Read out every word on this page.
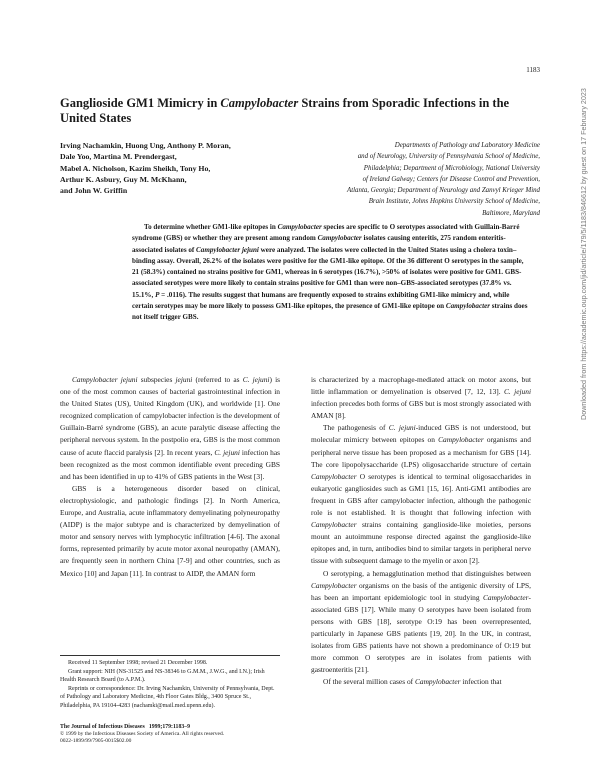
1183
Ganglioside GM1 Mimicry in Campylobacter Strains from Sporadic Infections in the United States
Irving Nachamkin, Huong Ung, Anthony P. Moran,
Dale Yoo, Martina M. Prendergast,
Mabel A. Nicholson, Kazim Sheikh, Tony Ho,
Arthur K. Asbury, Guy M. McKhann,
and John W. Griffin
Departments of Pathology and Laboratory Medicine
and of Neurology, University of Pennsylvania School of Medicine,
Philadelphia; Department of Microbiology, National University
of Ireland Galway; Centers for Disease Control and Prevention,
Atlanta, Georgia; Department of Neurology and Zanvyl Krieger Mind
Brain Institute, Johns Hopkins University School of Medicine,
Baltimore, Maryland

To determine whether GM1-like epitopes in Campylobacter species are specific to O serotypes associated with Guillain-Barré syndrome (GBS) or whether they are present among random Campylobacter isolates causing enteritis, 275 random enteritis-associated isolates of Campylobacter jejuni were analyzed. The isolates were collected in the United States using a cholera toxin–binding assay. Overall, 26.2% of the isolates were positive for the GM1-like epitope. Of the 36 different O serotypes in the sample, 21 (58.3%) contained no strains positive for GM1, whereas in 6 serotypes (16.7%), >50% of isolates were positive for GM1. GBS-associated serotypes were more likely to contain strains positive for GM1 than were non–GBS-associated serotypes (37.8% vs. 15.1%, P = .0116). The results suggest that humans are frequently exposed to strains exhibiting GM1-like mimicry and, while certain serotypes may be more likely to possess GM1-like epitopes, the presence of GM1-like epitope on Campylobacter strains does not itself trigger GBS.

Campylobacter jejuni subspecies jejuni (referred to as C. jejuni) is one of the most common causes of bacterial gastrointestinal infection in the United States (US), United Kingdom (UK), and worldwide [1]. One recognized complication of campylobacter infection is the development of Guillain-Barré syndrome (GBS), an acute paralytic disease affecting the peripheral nervous system. In the postpolio era, GBS is the most common cause of acute flaccid paralysis [2]. In recent years, C. jejuni infection has been recognized as the most common identifiable event preceding GBS and has been identified in up to 41% of GBS patients in the West [3].

GBS is a heterogeneous disorder based on clinical, electrophysiologic, and pathologic findings [2]. In North America, Europe, and Australia, acute inflammatory demyelinating polyneuropathy (AIDP) is the major subtype and is characterized by demyelination of motor and sensory nerves with lymphocytic infiltration [4-6]. The axonal forms, represented primarily by acute motor axonal neuropathy (AMAN), are frequently seen in northern China [7-9] and other countries, such as Mexico [10] and Japan [11]. In contrast to AIDP, the AMAN form

is characterized by a macrophage-mediated attack on motor axons, but little inflammation or demyelination is observed [7, 12, 13]. C. jejuni infection precedes both forms of GBS but is most strongly associated with AMAN [8].

The pathogenesis of C. jejuni-induced GBS is not understood, but molecular mimicry between epitopes on Campylobacter organisms and peripheral nerve tissue has been proposed as a mechanism for GBS [14]. The core lipopolysaccharide (LPS) oligosaccharide structure of certain Campylobacter O serotypes is identical to terminal oligosaccharides in eukaryotic gangliosides such as GM1 [15, 16]. Anti-GM1 antibodies are frequent in GBS after campylobacter infection, although the pathogenic role is not established. It is thought that following infection with Campylobacter strains containing ganglioside-like moieties, persons mount an autoimmune response directed against the ganglioside-like epitopes and, in turn, antibodies bind to similar targets in peripheral nerve tissue with subsequent damage to the myelin or axon [2].

O serotyping, a hemagglutination method that distinguishes between Campylobacter organisms on the basis of the antigenic diversity of LPS, has been an important epidemiologic tool in studying Campylobacter-associated GBS [17]. While many O serotypes have been isolated from persons with GBS [18], serotype O:19 has been overrepresented, particularly in Japanese GBS patients [19, 20]. In the UK, in contrast, isolates from GBS patients have not shown a predominance of O:19 but more common O serotypes are in isolates from patients with gastroenteritis [21].

Of the several million cases of Campylobacter infection that

Received 11 September 1998; revised 21 December 1998.

Grant support: NIH (NS-31525 and NS-38346 to G.M.M., J.W.G., and I.N.); Irish Health Research Board (to A.P.M.).

Reprints or correspondence: Dr. Irving Nachamkin, University of Pennsylvania, Dept. of Pathology and Laboratory Medicine, 4th Floor Gates Bldg., 3400 Spruce St., Philadelphia, PA 19104-4283 (nachamki@mail.med.upenn.edu).

The Journal of Infectious Diseases 1999;179:1183–9
© 1999 by the Infectious Diseases Society of America. All rights reserved.
0022-1899/99/7905-0015$02.00
Downloaded from https://academic.oup.com/jid/article/179/5/1183/846612 by guest on 17 February 2023
